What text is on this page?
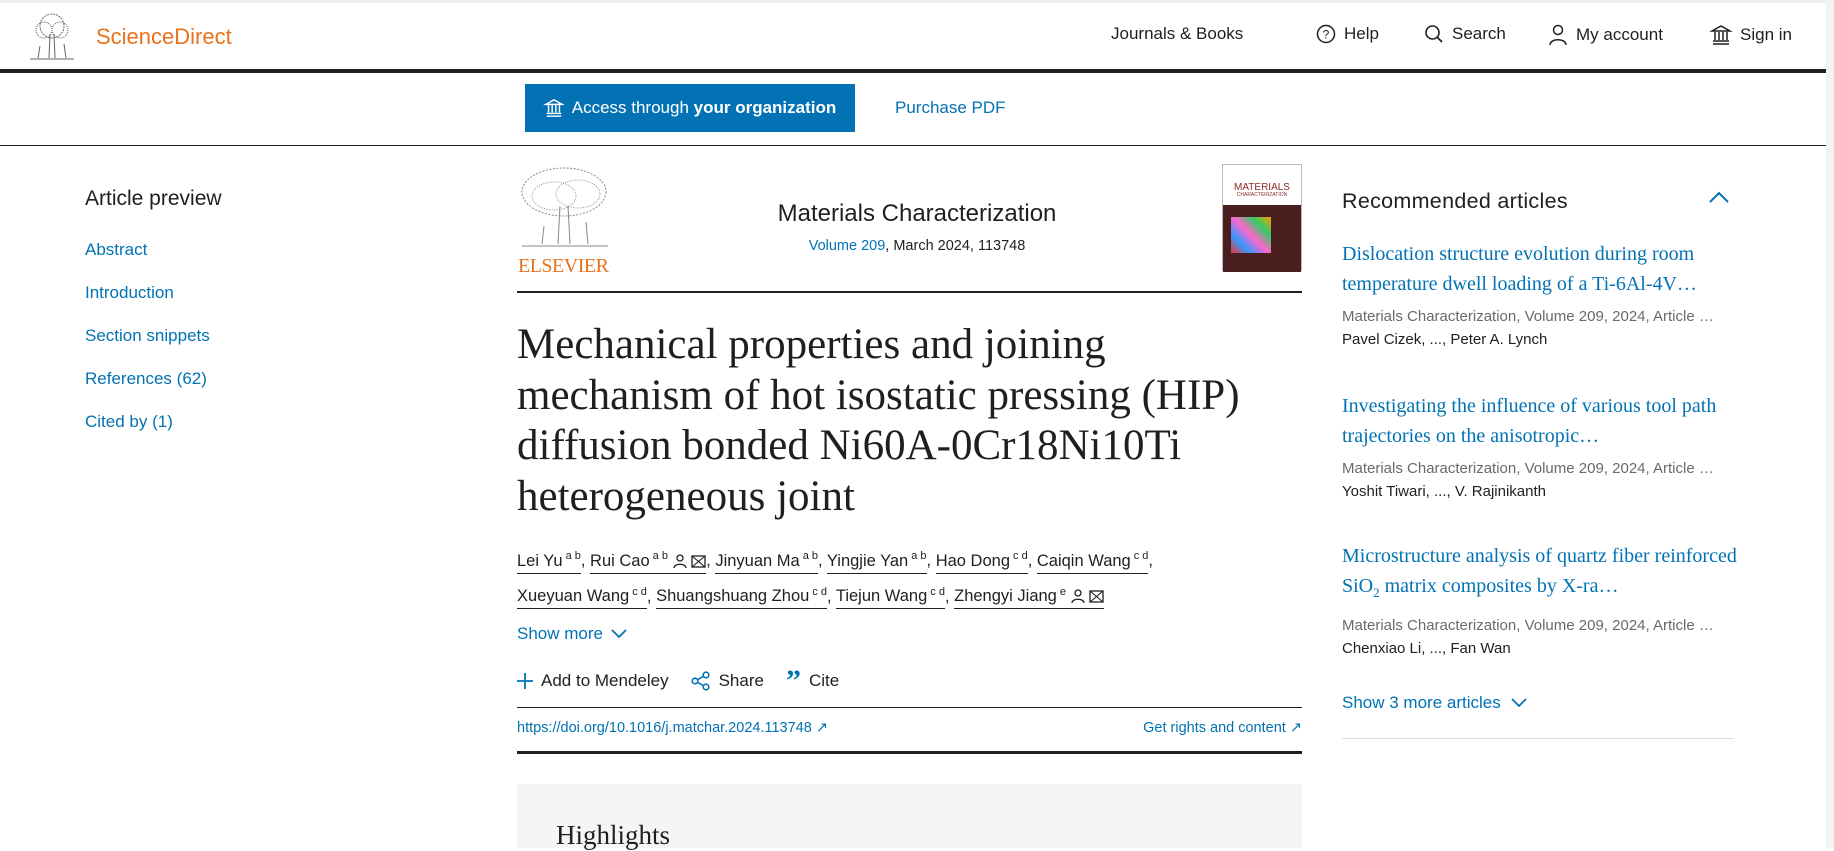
ScienceDirect	Journals & Books	? Help	Search	My account	Sign in
Access through your organization	Purchase PDF
Article preview
Abstract
Introduction
Section snippets
References (62)
Cited by (1)
ELSEVIER
Materials Characterization
Volume 209, March 2024, 113748
MATERIALS
CHARACTERIZATION
Mechanical properties and joining mechanism of hot isostatic pressing (HIP) diffusion bonded Ni60A-0Cr18Ni10Ti heterogeneous joint
Lei Yu $^{a b}$, Rui Cao $^{a b}$ , Jinyuan Ma $^{a b}$, Yingjie Yan $^{a b}$, Hao Dong $^{c d}$, Caiqin Wang $^{c d}$,
Xueyuan Wang $^{c d}$, Shuangshuang Zhou $^{c d}$, Tiejun Wang $^{c d}$, Zhengyi Jiang $^e$
Show more
Add to Mendeley	Share ” Cite
https://doi.org/10.1016/j.matchar.2024.113748 ↗	Get rights and content ↗
Highlights
Recommended articles
Dislocation structure evolution during room temperature dwell loading of a Ti-6Al-4V…
Materials Characterization, Volume 209, 2024, Article …
Pavel Cizek, ..., Peter A. Lynch
Investigating the influence of various tool path trajectories on the anisotropic…
Materials Characterization, Volume 209, 2024, Article …
Yoshit Tiwari, ..., V. Rajinikanth
Microstructure analysis of quartz fiber reinforced SiO$_2$ matrix composites by X-ra…
Materials Characterization, Volume 209, 2024, Article …
Chenxiao Li, ..., Fan Wan
Show 3 more articles
